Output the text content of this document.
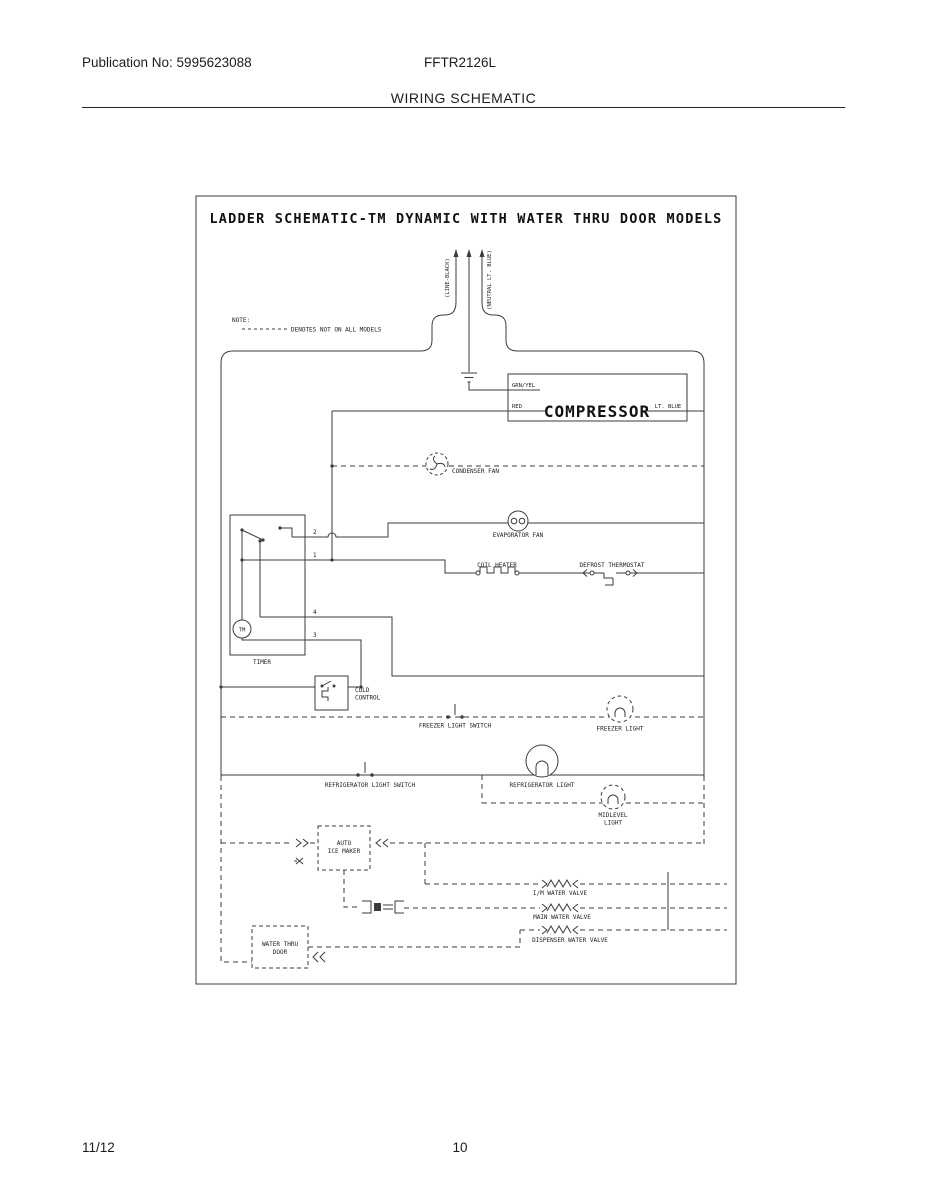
Publication No: 5995623088	FFTR2126L
WIRING SCHEMATIC
LADDER SCHEMATIC-TM DYNAMIC WITH WATER THRU DOOR MODELS
NOTE:
DENOTES NOT ON ALL MODELS
(LINE-BLACK)	(NEUTRAL LT. BLUE)
GRN/YEL
RED	LT. BLUE
COMPRESSOR
CONDENSER FAN
EVAPORATOR FAN
COIL HEATER	DEFROST THERMOSTAT
TM
TIMER
2
1
4
3
COLD
CONTROL
FREEZER LIGHT SWITCH	FREEZER LIGHT
REFRIGERATOR LIGHT SWITCH	REFRIGERATOR LIGHT
MIDLEVEL
LIGHT
AUTO
ICE MAKER
I/M WATER VALVE
MAIN WATER VALVE
DISPENSER WATER VALVE
WATER THRU
DOOR
11/12	10
